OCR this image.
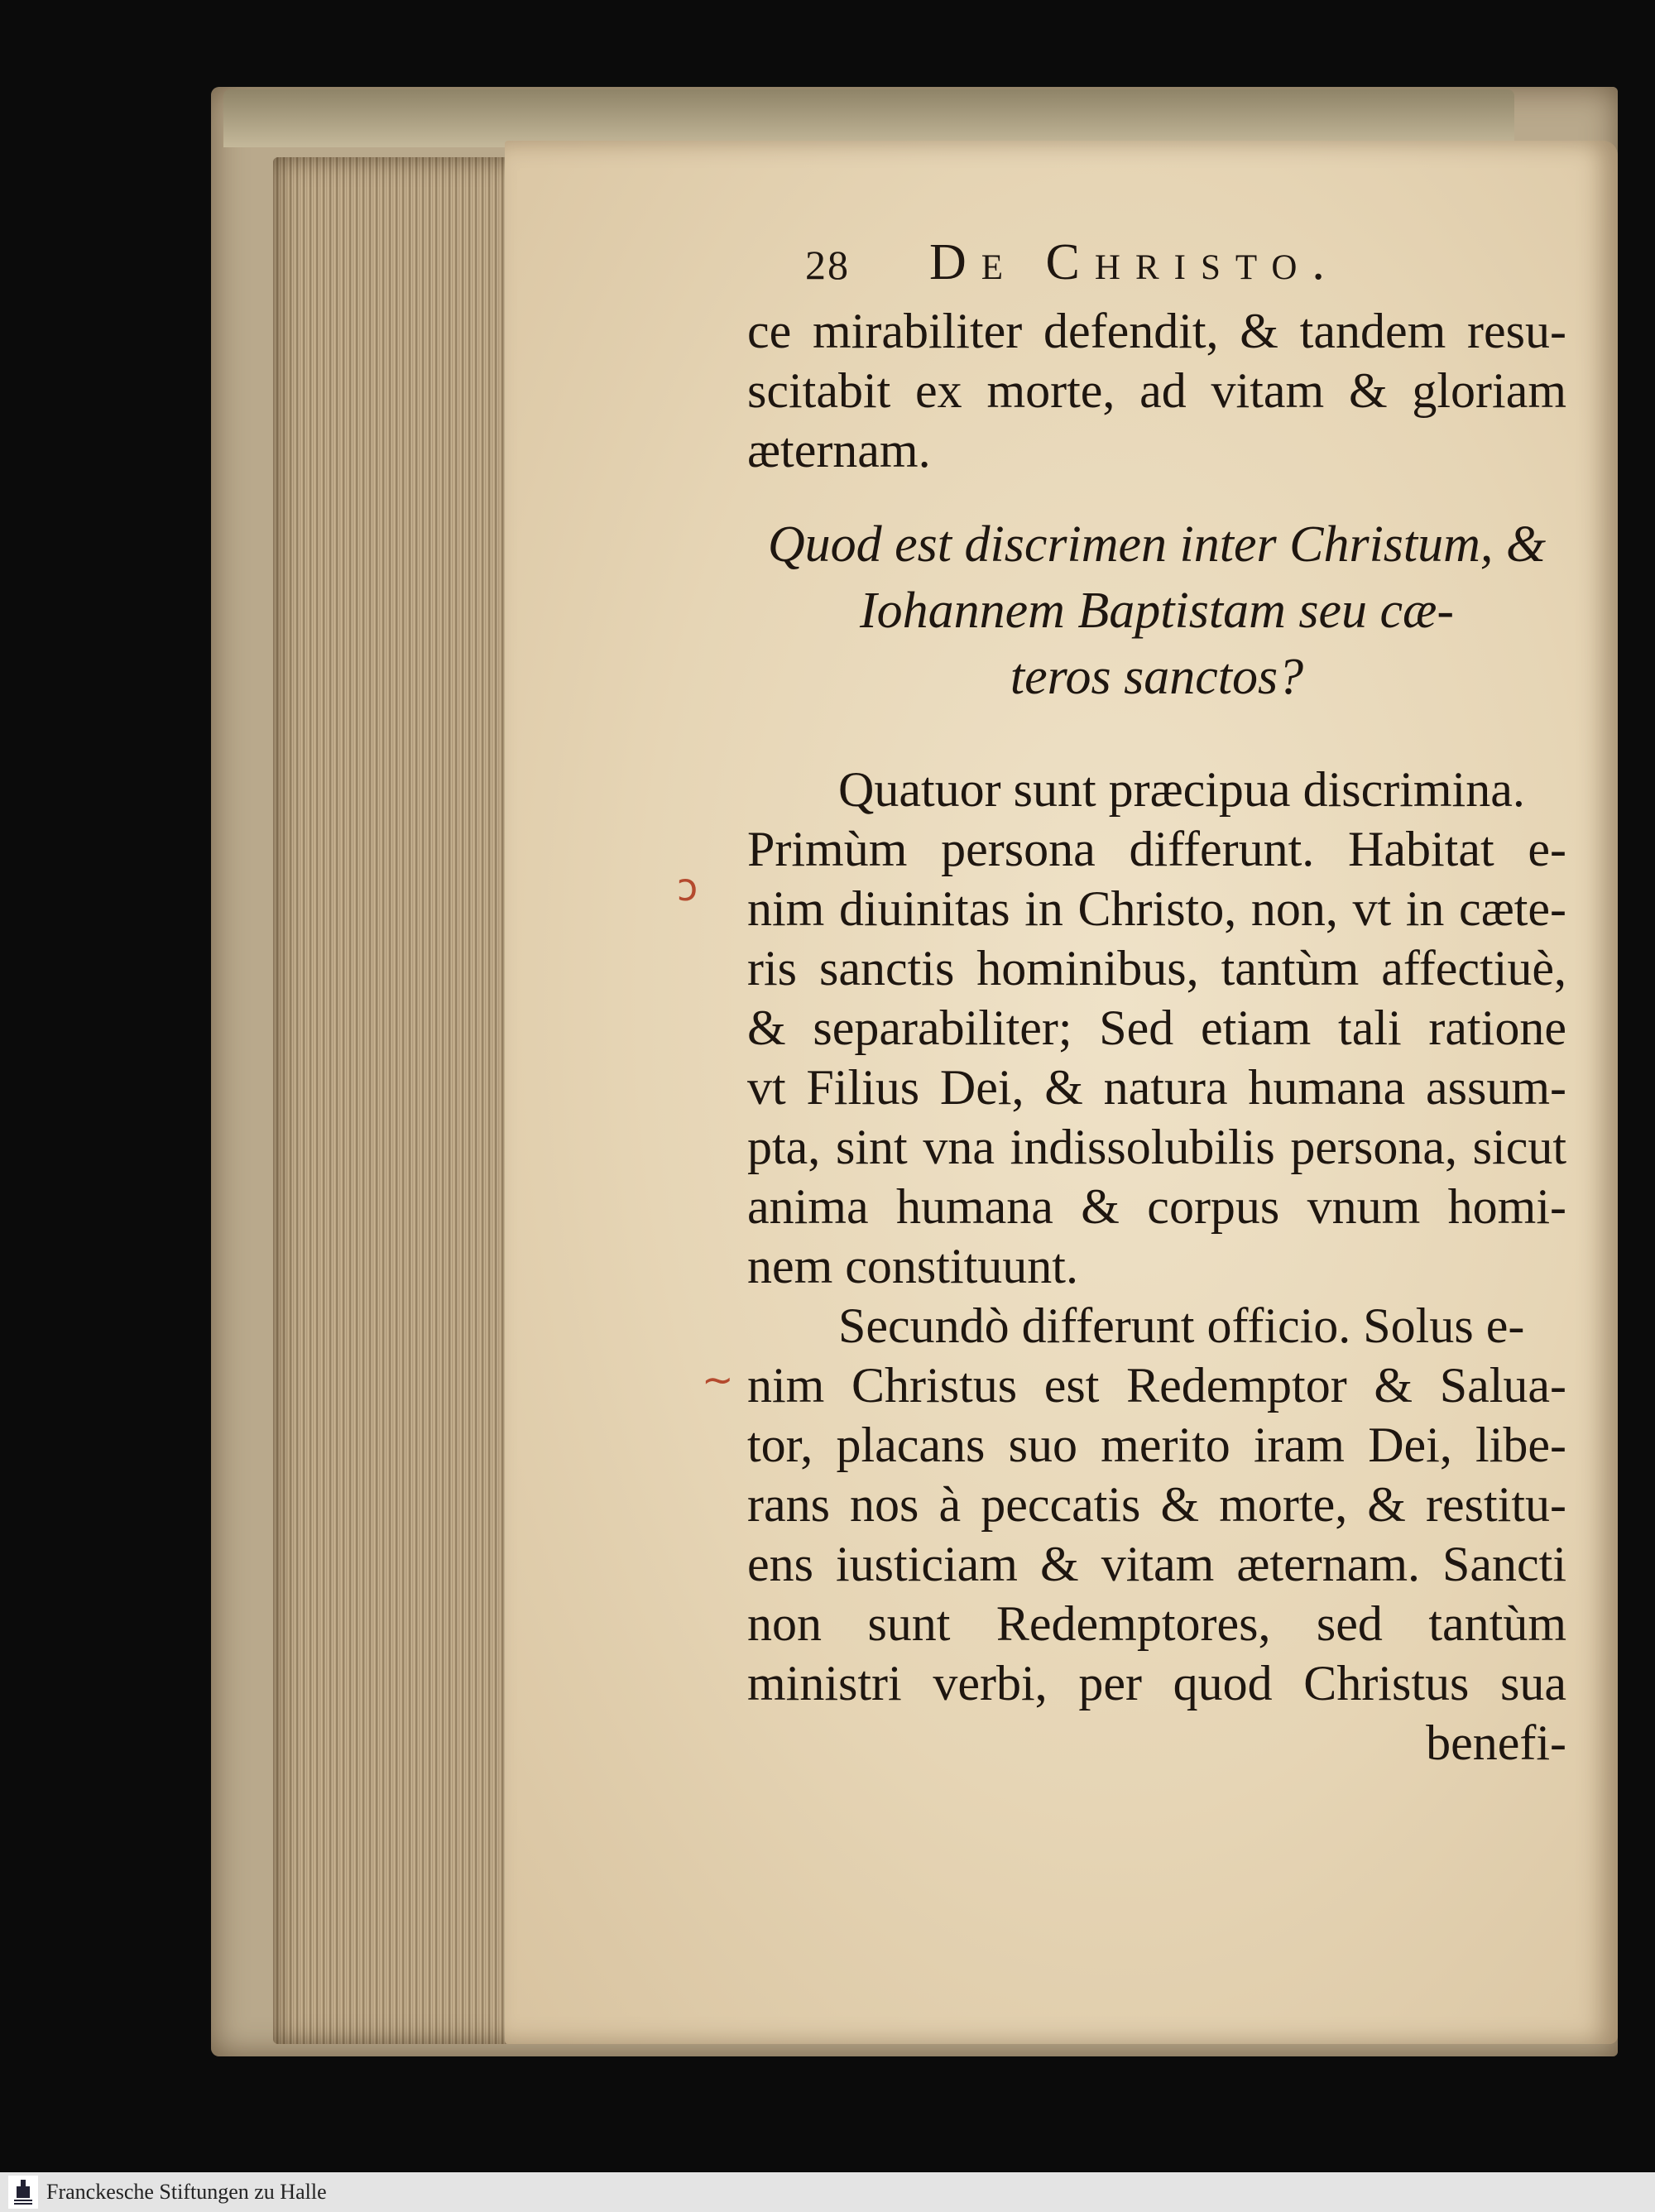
ↄ
~
28	De Christo.
ce mirabiliter defendit, & tandem resu-
scitabit ex morte, ad vitam & gloriam
æternam.
Quod est discrimen inter Christum, &
Iohannem Baptistam seu cæ-
teros sanctos?
Quatuor sunt præcipua discrimina.
Primùm persona differunt. Habitat e-
nim diuinitas in Christo, non, vt in cæte-
ris sanctis hominibus, tantùm affectiuè,
& separabiliter; Sed etiam tali ratione
vt Filius Dei, & natura humana assum-
pta, sint vna indissolubilis persona, sicut
anima humana & corpus vnum homi-
nem constituunt.
Secundò differunt officio. Solus e-
nim Christus est Redemptor & Salua-
tor, placans suo merito iram Dei, libe-
rans nos à peccatis & morte, & restitu-
ens iusticiam & vitam æternam. Sancti
non sunt Redemptores, sed tantùm
ministri verbi, per quod Christus sua
benefi-
Franckesche Stiftungen zu Halle
